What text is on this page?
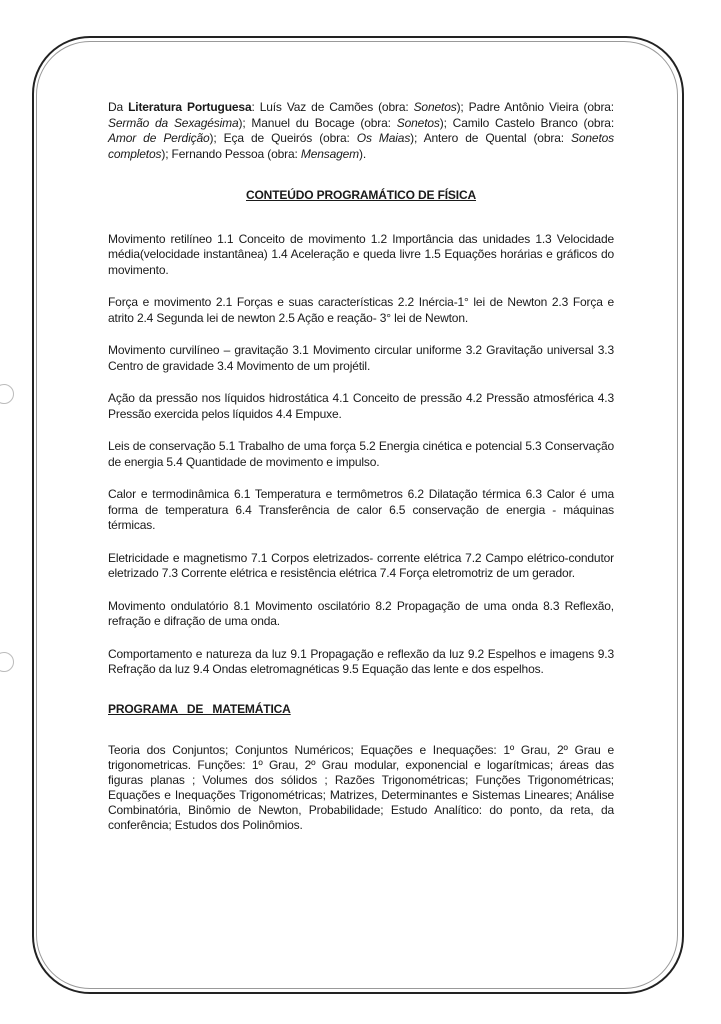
Da Literatura Portuguesa: Luís Vaz de Camões (obra: Sonetos); Padre Antônio Vieira (obra: Sermão da Sexagésima); Manuel du Bocage (obra: Sonetos); Camilo Castelo Branco (obra: Amor de Perdição); Eça de Queirós (obra: Os Maias); Antero de Quental (obra: Sonetos completos); Fernando Pessoa (obra: Mensagem).

CONTEÚDO PROGRAMÁTICO DE FÍSICA

Movimento retilíneo 1.1 Conceito de movimento 1.2 Importância das unidades 1.3 Velocidade média(velocidade instantânea) 1.4 Aceleração e queda livre 1.5 Equações horárias e gráficos do movimento.

Força e movimento 2.1 Forças e suas características 2.2 Inércia-1° lei de Newton 2.3 Força e atrito 2.4 Segunda lei de newton 2.5 Ação e reação- 3° lei de Newton.

Movimento curvilíneo – gravitação 3.1 Movimento circular uniforme 3.2 Gravitação universal 3.3 Centro de gravidade 3.4 Movimento de um projétil.

Ação da pressão nos líquidos hidrostática 4.1 Conceito de pressão 4.2 Pressão atmosférica 4.3 Pressão exercida pelos líquidos 4.4 Empuxe.

Leis de conservação 5.1 Trabalho de uma força 5.2 Energia cinética e potencial 5.3 Conservação de energia 5.4 Quantidade de movimento e impulso.

Calor e termodinâmica 6.1 Temperatura e termômetros 6.2 Dilatação térmica 6.3 Calor é uma forma de temperatura 6.4 Transferência de calor 6.5 conservação de energia - máquinas térmicas.

Eletricidade e magnetismo 7.1 Corpos eletrizados- corrente elétrica 7.2 Campo elétrico-condutor eletrizado 7.3 Corrente elétrica e resistência elétrica 7.4 Força eletromotriz de um gerador.

Movimento ondulatório 8.1 Movimento oscilatório 8.2 Propagação de uma onda 8.3 Reflexão, refração e difração de uma onda.

Comportamento e natureza da luz 9.1 Propagação e reflexão da luz 9.2 Espelhos e imagens 9.3 Refração da luz 9.4 Ondas eletromagnéticas 9.5 Equação das lente e dos espelhos.

PROGRAMA DE MATEMÁTICA

Teoria dos Conjuntos; Conjuntos Numéricos; Equações e Inequações: 1º Grau, 2º Grau e trigonometricas. Funções: 1º Grau, 2º Grau modular, exponencial e logarítmicas; áreas das figuras planas ; Volumes dos sólidos ; Razões Trigonométricas; Funções Trigonométricas; Equações e Inequações Trigonométricas; Matrizes, Determinantes e Sistemas Lineares; Análise Combinatória, Binômio de Newton, Probabilidade; Estudo Analítico: do ponto, da reta, da conferência; Estudos dos Polinômios.
